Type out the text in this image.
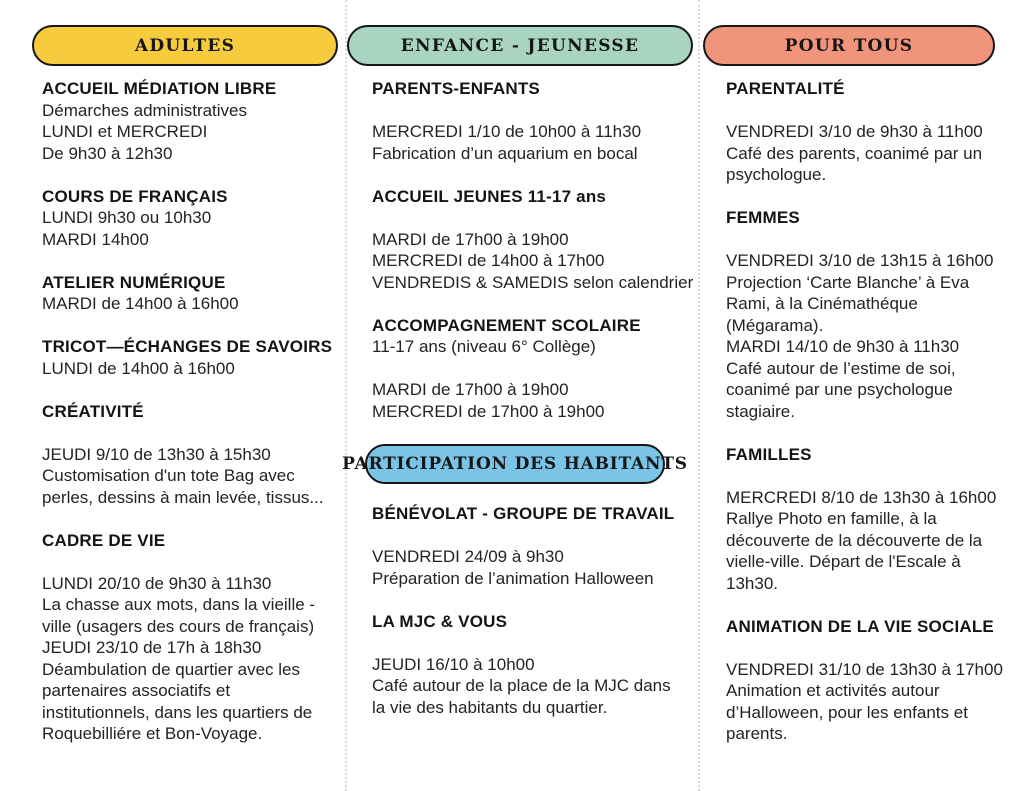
ADULTES	ENFANCE - JEUNESSE	POUR TOUS
ACCUEIL MÉDIATION LIBRE
Démarches administratives
LUNDI et MERCREDI
De 9h30 à 12h30
COURS DE FRANÇAIS
LUNDI 9h30 ou 10h30
MARDI 14h00
ATELIER NUMÉRIQUE
MARDI de 14h00 à 16h00
TRICOT—ÉCHANGES DE SAVOIRS
LUNDI de 14h00 à 16h00
CRÉATIVITÉ

JEUDI 9/10 de 13h30 à 15h30
Customisation d'un tote Bag avec
perles, dessins à main levée, tissus...
CADRE DE VIE

LUNDI 20/10 de 9h30 à 11h30
La chasse aux mots, dans la vieille -
ville (usagers des cours de français)
JEUDI 23/10 de 17h à 18h30
Déambulation de quartier avec les
partenaires associatifs et
institutionnels, dans les quartiers de
Roquebilliére et Bon-Voyage.
PARENTS-ENFANTS

MERCREDI 1/10 de 10h00 à 11h30
Fabrication d’un aquarium en bocal
ACCUEIL JEUNES 11-17 ans

MARDI de 17h00 à 19h00
MERCREDI de 14h00 à 17h00
VENDREDIS & SAMEDIS selon calendrier
ACCOMPAGNEMENT SCOLAIRE
11-17 ans (niveau 6° Collège)

MARDI de 17h00 à 19h00
MERCREDI de 17h00 à 19h00
PARTICIPATION DES HABITANTS
BÉNÉVOLAT - GROUPE DE TRAVAIL

VENDREDI 24/09 à 9h30
Préparation de l’animation Halloween
LA MJC & VOUS

JEUDI 16/10 à 10h00
Café autour de la place de la MJC dans
la vie des habitants du quartier.
PARENTALITÉ

VENDREDI 3/10 de 9h30 à 11h00
Café des parents, coanimé par un
psychologue.
FEMMES

VENDREDI 3/10 de 13h15 à 16h00
Projection ‘Carte Blanche’ à Eva
Rami, à la Cinémathéque
(Mégarama).
MARDI 14/10 de 9h30 à 11h30
Café autour de l’estime de soi,
coanimé par une psychologue
stagiaire.
FAMILLES

MERCREDI 8/10 de 13h30 à 16h00
Rallye Photo en famille, à la
découverte de la découverte de la
vielle-ville. Départ de l'Escale à
13h30.
ANIMATION DE LA VIE SOCIALE

VENDREDI 31/10 de 13h30 à 17h00
Animation et activités autour
d’Halloween, pour les enfants et
parents.
